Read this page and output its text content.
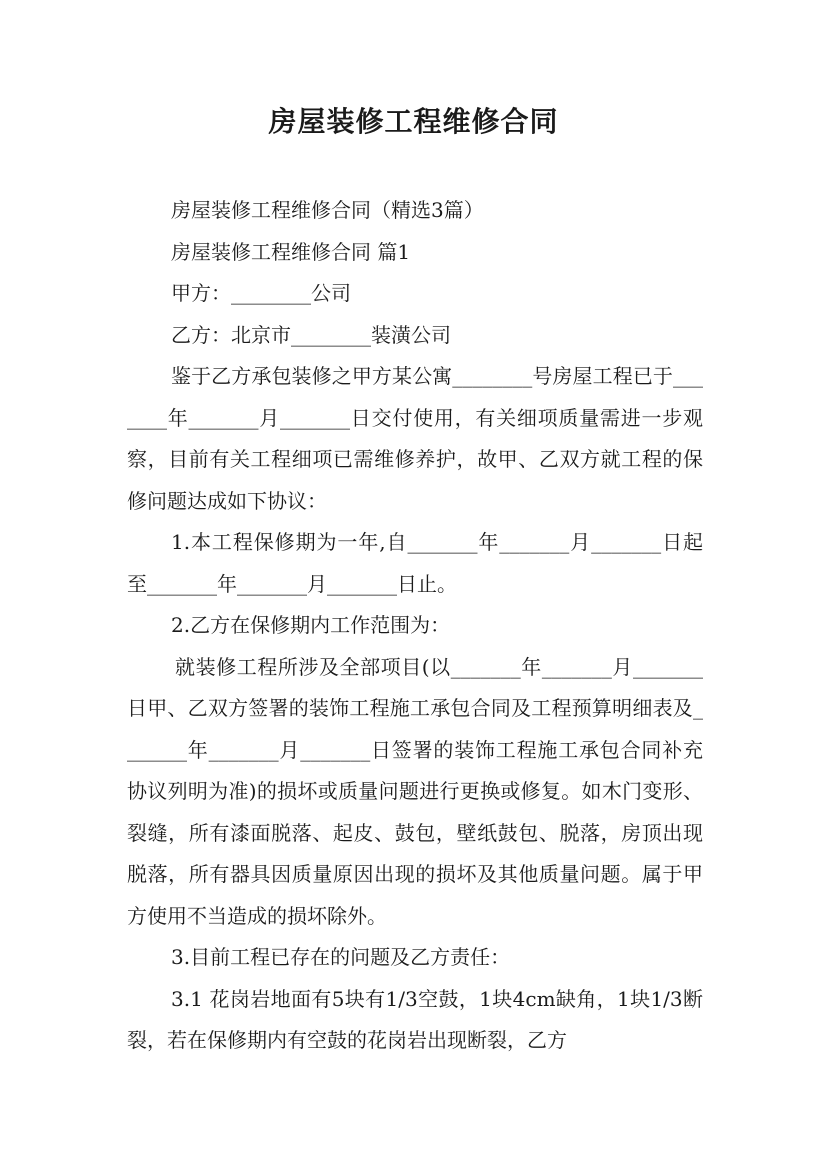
房屋装修工程维修合同

房屋装修工程维修合同（精选3篇）

房屋装修工程维修合同 篇1

甲方：________公司

乙方：北京市________装潢公司

鉴于乙方承包装修之甲方某公寓________号房屋工程已于_______年_______月_______日交付使用，有关细项质量需进一步观察，目前有关工程细项已需维修养护，故甲、乙双方就工程的保修问题达成如下协议：

1.本工程保修期为一年,自_______年_______月_______日起至_______年_______月_______日止。

2.乙方在保修期内工作范围为：

就装修工程所涉及全部项目(以_______年_______月_______日甲、乙双方签署的装饰工程施工承包合同及工程预算明细表及_______年_______月_______日签署的装饰工程施工承包合同补充协议列明为准)的损坏或质量问题进行更换或修复。如木门变形、裂缝，所有漆面脱落、起皮、鼓包，壁纸鼓包、脱落，房顶出现脱落，所有器具因质量原因出现的损坏及其他质量问题。属于甲方使用不当造成的损坏除外。

3.目前工程已存在的问题及乙方责任：

3.1 花岗岩地面有5块有1/3空鼓，1块4cm缺角，1块1/3断裂，若在保修期内有空鼓的花岗岩出现断裂，乙方
